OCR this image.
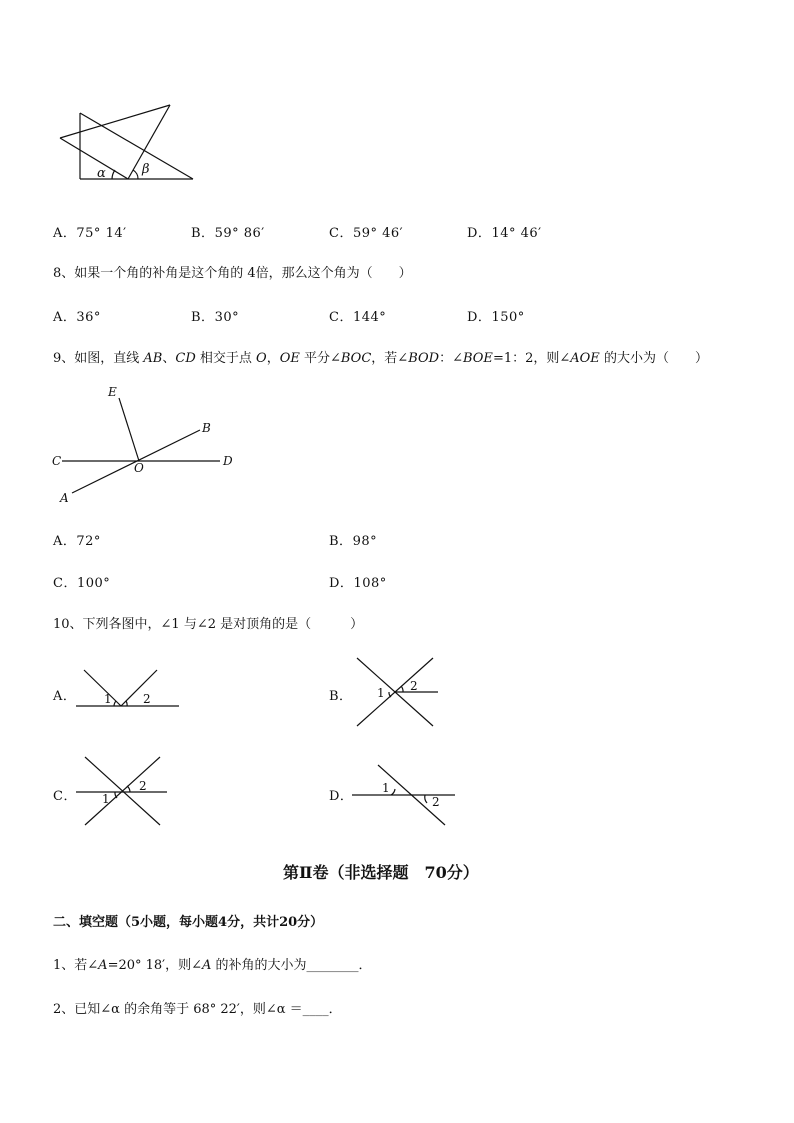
α	β
A．75° 14′	B．59° 86′	C．59° 46′	D．14° 46′
8、如果一个角的补角是这个角的 4倍，那么这个角为（　　）
A．36°	B．30°	C．144°	D．150°
9、如图，直线 AB、CD 相交于点 O，OE 平分∠BOC，若∠BOD：∠BOE=1：2，则∠AOE 的大小为（　　）
E
B
C	D
O
A
A．72°	B．98°
C．100°	D．108°
10、下列各图中，∠1 与∠2 是对顶角的是（　　　）
A．	B．
C．	D．
1	2	1 2
1
2	1
2
第Ⅱ卷（非选择题　70分）
二、填空题（5小题，每小题4分，共计20分）
1、若∠A=20° 18′，则∠A 的补角的大小为________．
2、已知∠α 的余角等于 68° 22′，则∠α ＝____．
